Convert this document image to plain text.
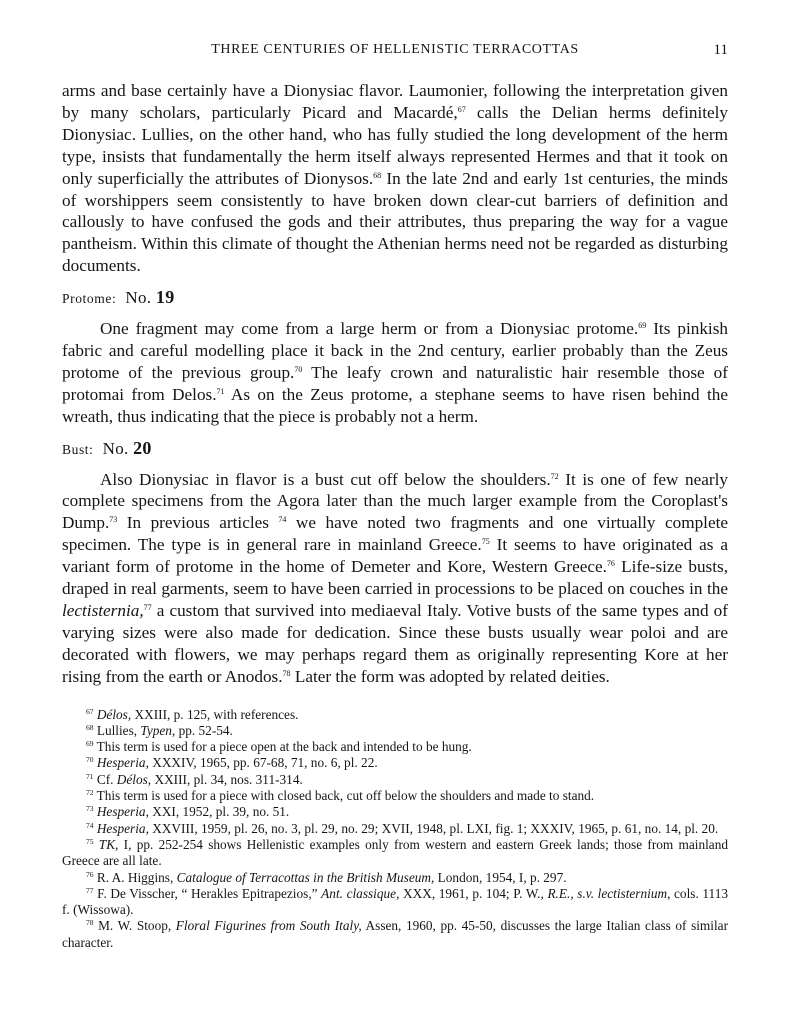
THREE CENTURIES OF HELLENISTIC TERRACOTTAS	11

arms and base certainly have a Dionysiac flavor. Laumonier, following the interpretation given by many scholars, particularly Picard and Macardé,$^{67}$ calls the Delian herms definitely Dionysiac. Lullies, on the other hand, who has fully studied the long development of the herm type, insists that fundamentally the herm itself always represented Hermes and that it took on only superficially the attributes of Dionysos.$^{68}$ In the late 2nd and early 1st centuries, the minds of worshippers seem consistently to have broken down clear-cut barriers of definition and callously to have confused the gods and their attributes, thus preparing the way for a vague pantheism. Within this climate of thought the Athenian herms need not be regarded as disturbing documents.

Protome: No. 19

One fragment may come from a large herm or from a Dionysiac protome.$^{69}$ Its pinkish fabric and careful modelling place it back in the 2nd century, earlier probably than the Zeus protome of the previous group.$^{70}$ The leafy crown and naturalistic hair resemble those of protomai from Delos.$^{71}$ As on the Zeus protome, a stephane seems to have risen behind the wreath, thus indicating that the piece is probably not a herm.

Bust: No. 20

Also Dionysiac in flavor is a bust cut off below the shoulders.$^{72}$ It is one of few nearly complete specimens from the Agora later than the much larger example from the Coroplast's Dump.$^{73}$ In previous articles $^{74}$ we have noted two fragments and one virtually complete specimen. The type is in general rare in mainland Greece.$^{75}$ It seems to have originated as a variant form of protome in the home of Demeter and Kore, Western Greece.$^{76}$ Life-size busts, draped in real garments, seem to have been carried in processions to be placed on couches in the lectisternia,$^{77}$ a custom that survived into mediaeval Italy. Votive busts of the same types and of varying sizes were also made for dedication. Since these busts usually wear poloi and are decorated with flowers, we may perhaps regard them as originally representing Kore at her rising from the earth or Anodos.$^{78}$ Later the form was adopted by related deities.

$^{67}$ Délos, XXIII, p. 125, with references.

$^{68}$ Lullies, Typen, pp. 52-54.

$^{69}$ This term is used for a piece open at the back and intended to be hung.

$^{70}$ Hesperia, XXXIV, 1965, pp. 67-68, 71, no. 6, pl. 22.

$^{71}$ Cf. Délos, XXIII, pl. 34, nos. 311-314.

$^{72}$ This term is used for a piece with closed back, cut off below the shoulders and made to stand.

$^{73}$ Hesperia, XXI, 1952, pl. 39, no. 51.

$^{74}$ Hesperia, XXVIII, 1959, pl. 26, no. 3, pl. 29, no. 29; XVII, 1948, pl. LXI, fig. 1; XXXIV, 1965, p. 61, no. 14, pl. 20.

$^{75}$ TK, I, pp. 252-254 shows Hellenistic examples only from western and eastern Greek lands; those from mainland Greece are all late.

$^{76}$ R. A. Higgins, Catalogue of Terracottas in the British Museum, London, 1954, I, p. 297.

$^{77}$ F. De Visscher, “ Herakles Epitrapezios,” Ant. classique, XXX, 1961, p. 104; P. W., R.E., s.v. lectisternium, cols. 1113 f. (Wissowa).

$^{78}$ M. W. Stoop, Floral Figurines from South Italy, Assen, 1960, pp. 45-50, discusses the large Italian class of similar character.
